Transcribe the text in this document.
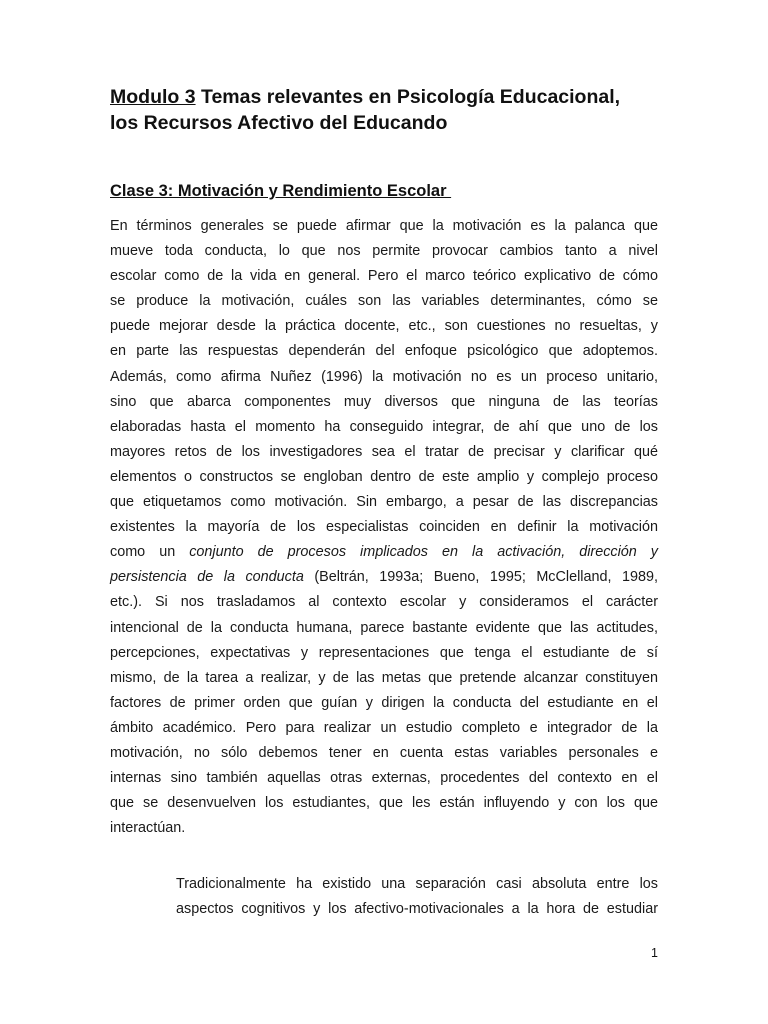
Modulo 3 Temas relevantes en Psicología Educacional,
los Recursos Afectivo del Educando
Clase 3: Motivación y Rendimiento Escolar
En términos generales se puede afirmar que la motivación es la palanca que
mueve toda conducta, lo que nos permite provocar cambios tanto a nivel
escolar como de la vida en general. Pero el marco teórico explicativo de cómo
se produce la motivación, cuáles son las variables determinantes, cómo se
puede mejorar desde la práctica docente, etc., son cuestiones no resueltas, y
en parte las respuestas dependerán del enfoque psicológico que adoptemos.
Además, como afirma Nuñez (1996) la motivación no es un proceso unitario,
sino que abarca componentes muy diversos que ninguna de las teorías
elaboradas hasta el momento ha conseguido integrar, de ahí que uno de los
mayores retos de los investigadores sea el tratar de precisar y clarificar qué
elementos o constructos se engloban dentro de este amplio y complejo proceso
que etiquetamos como motivación. Sin embargo, a pesar de las discrepancias
existentes la mayoría de los especialistas coinciden en definir la motivación
como un conjunto de procesos implicados en la activación, dirección y
persistencia de la conducta (Beltrán, 1993a; Bueno, 1995; McClelland, 1989,
etc.). Si nos trasladamos al contexto escolar y consideramos el carácter
intencional de la conducta humana, parece bastante evidente que las actitudes,
percepciones, expectativas y representaciones que tenga el estudiante de sí
mismo, de la tarea a realizar, y de las metas que pretende alcanzar constituyen
factores de primer orden que guían y dirigen la conducta del estudiante en el
ámbito académico. Pero para realizar un estudio completo e integrador de la
motivación, no sólo debemos tener en cuenta estas variables personales e
internas sino también aquellas otras externas, procedentes del contexto en el
que se desenvuelven los estudiantes, que les están influyendo y con los que
interactúan.
Tradicionalmente ha existido una separación casi absoluta entre los
aspectos cognitivos y los afectivo-motivacionales a la hora de estudiar
1
